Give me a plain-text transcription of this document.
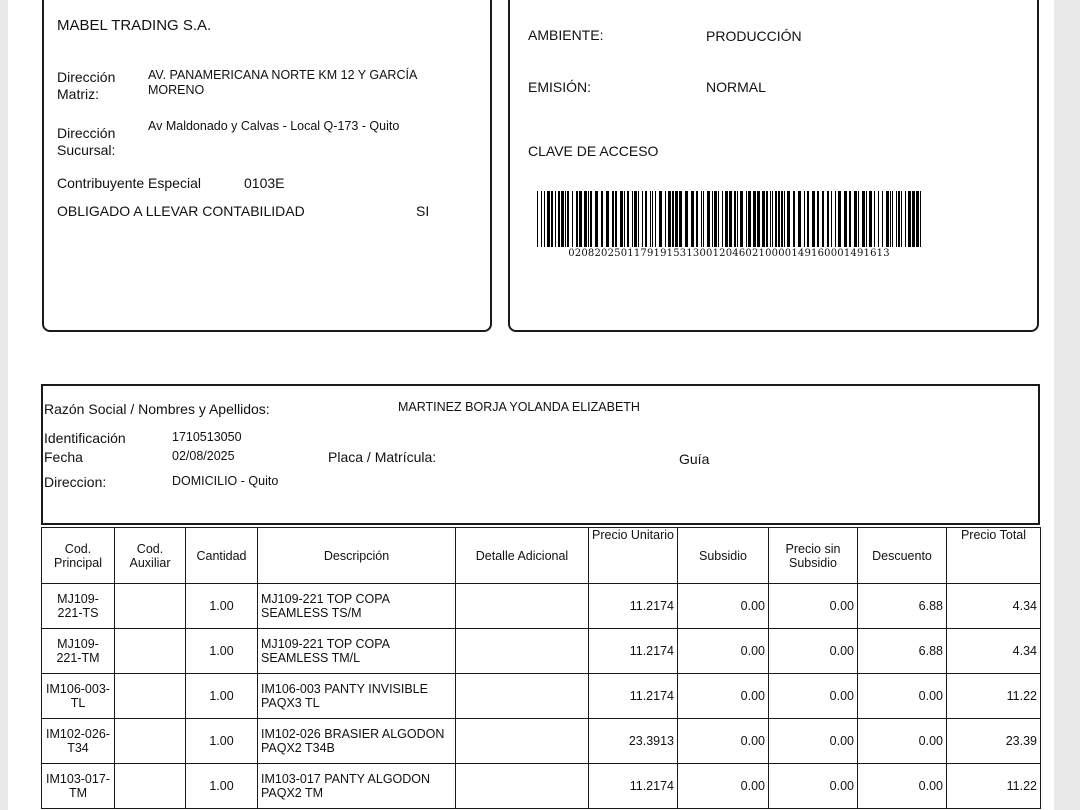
MABEL TRADING S.A.
Dirección Matriz:
AV. PANAMERICANA NORTE KM 12 Y GARCÍA MORENO
Dirección Sucursal:
Av Maldonado y Calvas - Local Q-173 - Quito
Contribuyente Especial	0103E
OBLIGADO A LLEVAR CONTABILIDAD	SI
AMBIENTE:	PRODUCCIÓN
EMISIÓN:	NORMAL
CLAVE DE ACCESO
0208202501179191531300120460210000149160001491613
Razón Social / Nombres y Apellidos:	MARTINEZ BORJA YOLANDA ELIZABETH
Identificación	1710513050
Fecha	02/08/2025	Placa / Matrícula:	Guía
Direccion:	DOMICILIO - Quito
Cod. Principal	Cod. Auxiliar	Cantidad	Descripción	Detalle Adicional	Precio Unitario	Subsidio	Precio sin Subsidio	Descuento	Precio Total
MJ109-221-TS		1.00	MJ109-221 TOP COPA SEAMLESS TS/M		11.2174	0.00	0.00	6.88	4.34
MJ109-221-TM		1.00	MJ109-221 TOP COPA SEAMLESS TM/L		11.2174	0.00	0.00	6.88	4.34
IM106-003-TL		1.00	IM106-003 PANTY INVISIBLE PAQX3 TL		11.2174	0.00	0.00	0.00	11.22
IM102-026-T34		1.00	IM102-026 BRASIER ALGODON PAQX2 T34B		23.3913	0.00	0.00	0.00	23.39
IM103-017-TM		1.00	IM103-017 PANTY ALGODON PAQX2 TM		11.2174	0.00	0.00	0.00	11.22
